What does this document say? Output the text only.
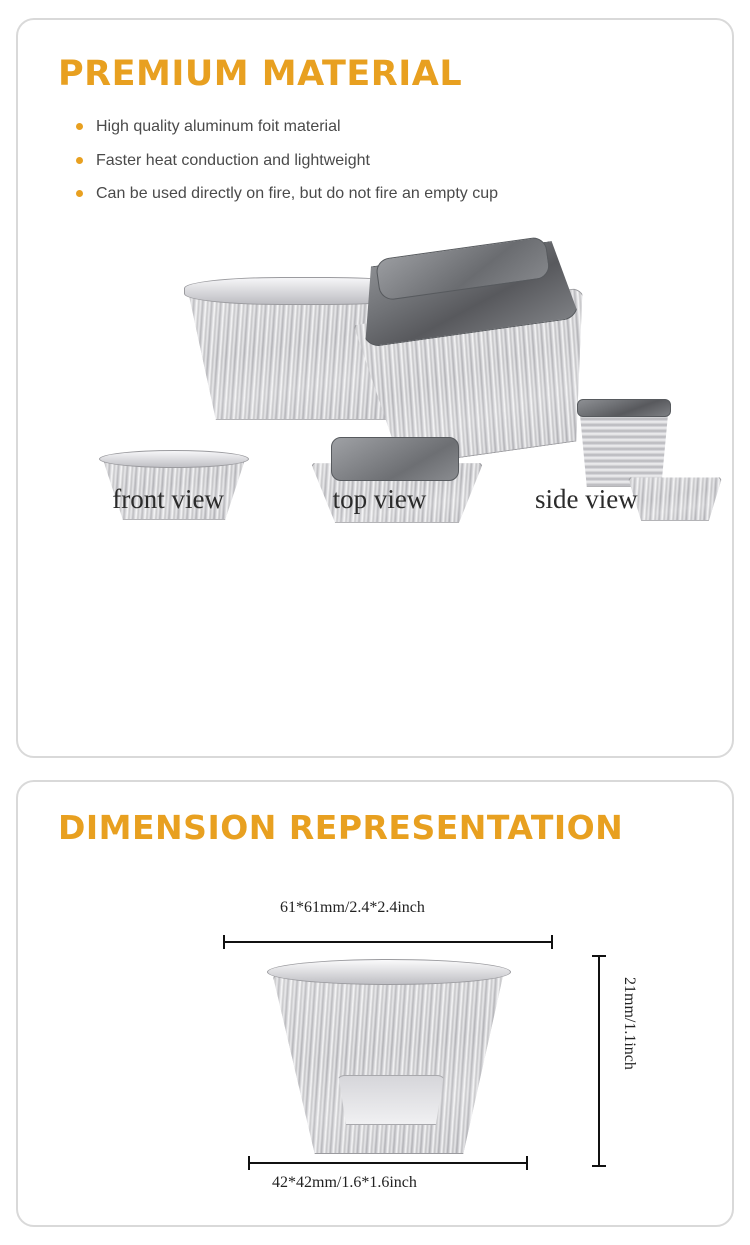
PREMIUM MATERIAL
High quality aluminum foit material
Faster heat conduction and lightweight
Can be used directly on fire, but do not fire an empty cup
front view	top view	side view
DIMENSION REPRESENTATION
61*61mm/2.4*2.4inch
21mm/1.1inch
42*42mm/1.6*1.6inch
